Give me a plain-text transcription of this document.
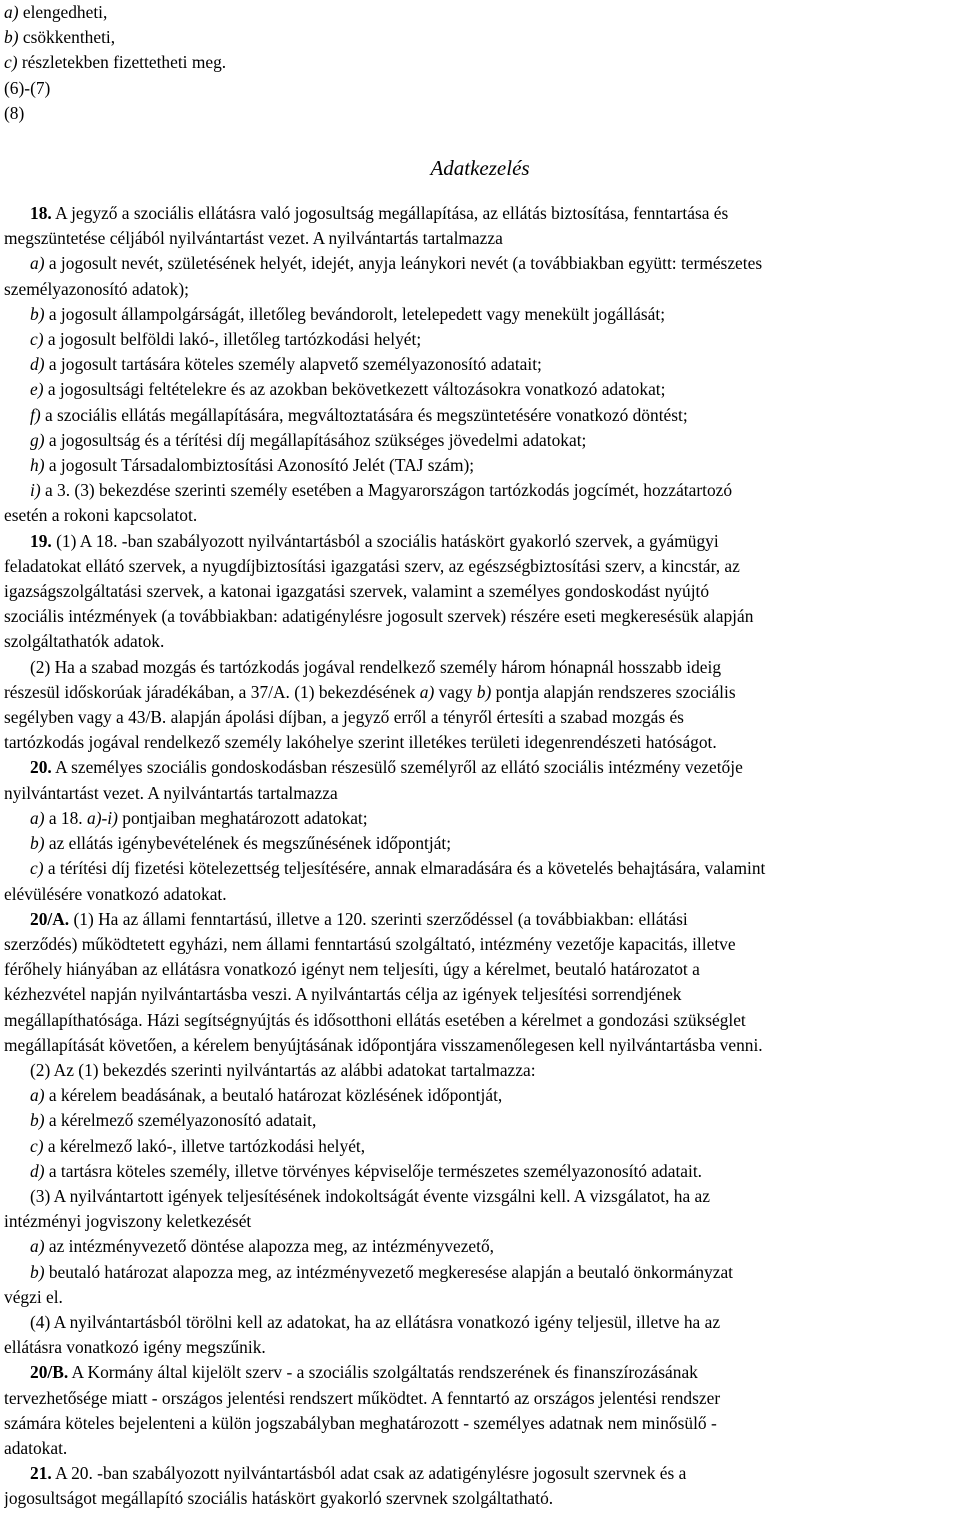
a) elengedheti,
b) csökkentheti,
c) részletekben fizettetheti meg.
(6)-(7)
(8)
Adatkezelés
18. A jegyző a szociális ellátásra való jogosultság megállapítása, az ellátás biztosítása, fenntartása és
megszüntetése céljából nyilvántartást vezet. A nyilvántartás tartalmazza
a) a jogosult nevét, születésének helyét, idejét, anyja leánykori nevét (a továbbiakban együtt: természetes
személyazonosító adatok);
b) a jogosult állampolgárságát, illetőleg bevándorolt, letelepedett vagy menekült jogállását;
c) a jogosult belföldi lakó-, illetőleg tartózkodási helyét;
d) a jogosult tartására köteles személy alapvető személyazonosító adatait;
e) a jogosultsági feltételekre és az azokban bekövetkezett változásokra vonatkozó adatokat;
f) a szociális ellátás megállapítására, megváltoztatására és megszüntetésére vonatkozó döntést;
g) a jogosultság és a térítési díj megállapításához szükséges jövedelmi adatokat;
h) a jogosult Társadalombiztosítási Azonosító Jelét (TAJ szám);
i) a 3. (3) bekezdése szerinti személy esetében a Magyarországon tartózkodás jogcímét, hozzátartozó
esetén a rokoni kapcsolatot.
19. (1) A 18. -ban szabályozott nyilvántartásból a szociális hatáskört gyakorló szervek, a gyámügyi
feladatokat ellátó szervek, a nyugdíjbiztosítási igazgatási szerv, az egészségbiztosítási szerv, a kincstár, az
igazságszolgáltatási szervek, a katonai igazgatási szervek, valamint a személyes gondoskodást nyújtó
szociális intézmények (a továbbiakban: adatigénylésre jogosult szervek) részére eseti megkeresésük alapján
szolgáltathatók adatok.
(2) Ha a szabad mozgás és tartózkodás jogával rendelkező személy három hónapnál hosszabb ideig
részesül időskorúak járadékában, a 37/A. (1) bekezdésének a) vagy b) pontja alapján rendszeres szociális
segélyben vagy a 43/B. alapján ápolási díjban, a jegyző erről a tényről értesíti a szabad mozgás és
tartózkodás jogával rendelkező személy lakóhelye szerint illetékes területi idegenrendészeti hatóságot.
20. A személyes szociális gondoskodásban részesülő személyről az ellátó szociális intézmény vezetője
nyilvántartást vezet. A nyilvántartás tartalmazza
a) a 18. a)-i) pontjaiban meghatározott adatokat;
b) az ellátás igénybevételének és megszűnésének időpontját;
c) a térítési díj fizetési kötelezettség teljesítésére, annak elmaradására és a követelés behajtására, valamint
elévülésére vonatkozó adatokat.
20/A. (1) Ha az állami fenntartású, illetve a 120. szerinti szerződéssel (a továbbiakban: ellátási
szerződés) működtetett egyházi, nem állami fenntartású szolgáltató, intézmény vezetője kapacitás, illetve
férőhely hiányában az ellátásra vonatkozó igényt nem teljesíti, úgy a kérelmet, beutaló határozatot a
kézhezvétel napján nyilvántartásba veszi. A nyilvántartás célja az igények teljesítési sorrendjének
megállapíthatósága. Házi segítségnyújtás és idősotthoni ellátás esetében a kérelmet a gondozási szükséglet
megállapítását követően, a kérelem benyújtásának időpontjára visszamenőlegesen kell nyilvántartásba venni.
(2) Az (1) bekezdés szerinti nyilvántartás az alábbi adatokat tartalmazza:
a) a kérelem beadásának, a beutaló határozat közlésének időpontját,
b) a kérelmező személyazonosító adatait,
c) a kérelmező lakó-, illetve tartózkodási helyét,
d) a tartásra köteles személy, illetve törvényes képviselője természetes személyazonosító adatait.
(3) A nyilvántartott igények teljesítésének indokoltságát évente vizsgálni kell. A vizsgálatot, ha az
intézményi jogviszony keletkezését
a) az intézményvezető döntése alapozza meg, az intézményvezető,
b) beutaló határozat alapozza meg, az intézményvezető megkeresése alapján a beutaló önkormányzat
végzi el.
(4) A nyilvántartásból törölni kell az adatokat, ha az ellátásra vonatkozó igény teljesül, illetve ha az
ellátásra vonatkozó igény megszűnik.
20/B. A Kormány által kijelölt szerv - a szociális szolgáltatás rendszerének és finanszírozásának
tervezhetősége miatt - országos jelentési rendszert működtet. A fenntartó az országos jelentési rendszer
számára köteles bejelenteni a külön jogszabályban meghatározott - személyes adatnak nem minősülő -
adatokat.
21. A 20. -ban szabályozott nyilvántartásból adat csak az adatigénylésre jogosult szervnek és a
jogosultságot megállapító szociális hatáskört gyakorló szervnek szolgáltatható.
